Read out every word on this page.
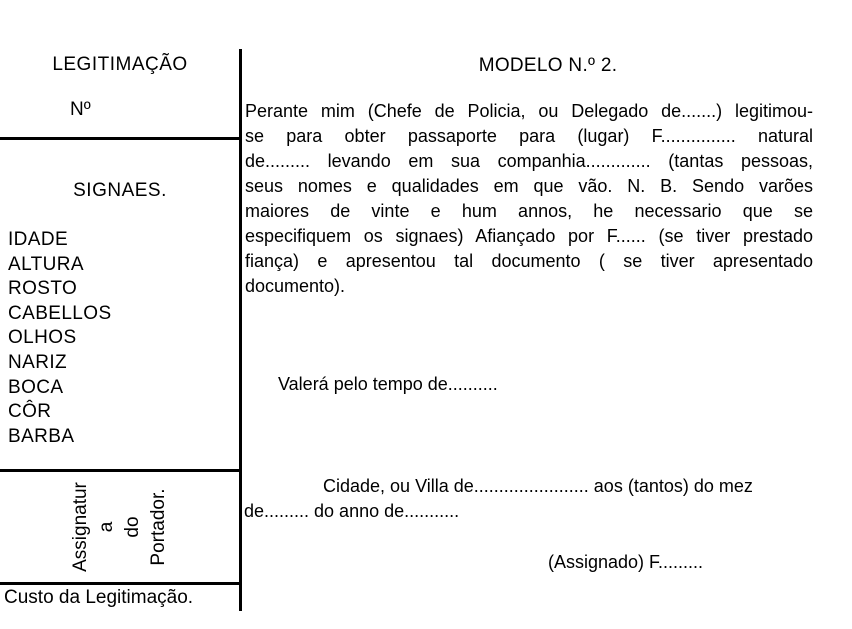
LEGITIMAÇÃO
Nº
SIGNAES.
IDADE
ALTURA
ROSTO
CABELLOS
OLHOS
NARIZ
BOCA
CÔR
BARBA
Assignatur a do Portador.
Custo da Legitimação.
MODELO N.º 2.
Perante mim (Chefe de Policia, ou Delegado de.......) legitimou-
se para obter passaporte para (lugar) F............... natural
de......... levando em sua companhia............. (tantas pessoas,
seus nomes e qualidades em que vão. N. B. Sendo varões
maiores de vinte e hum annos, he necessario que se
especifiquem os signaes) Afiançado por F...... (se tiver prestado
fiança) e apresentou tal documento ( se tiver apresentado
documento).
Valerá pelo tempo de..........
Cidade, ou Villa de....................... aos (tantos) do mez
de......... do anno de...........
(Assignado) F.........
